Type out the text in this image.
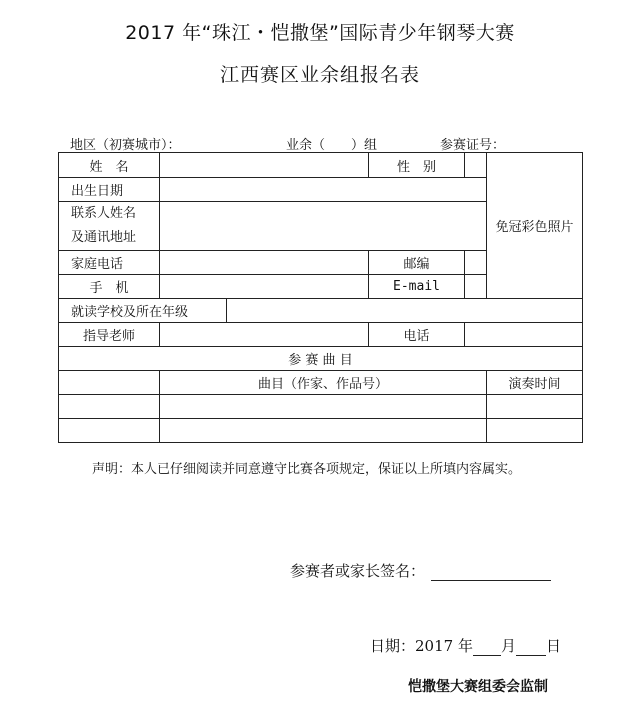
2017 年“珠江・恺撒堡”国际青少年钢琴大赛
江西赛区业余组报名表
地区（初赛城市）：	业余（　　）组	参赛证号：
姓　名			性　别		免冠彩色照片
出生日期					
联系人姓名
及通讯地址					
家庭电话			邮编		
手　机			E-mail		
就读学校及所在年级					
指导老师			电话		
参 赛 曲 目					
	曲目（作家、作品号）				演奏时间

声明：本人已仔细阅读并同意遵守比赛各项规定，保证以上所填内容属实。
参赛者或家长签名：
日期：2017 年 月 日
恺撒堡大赛组委会监制
